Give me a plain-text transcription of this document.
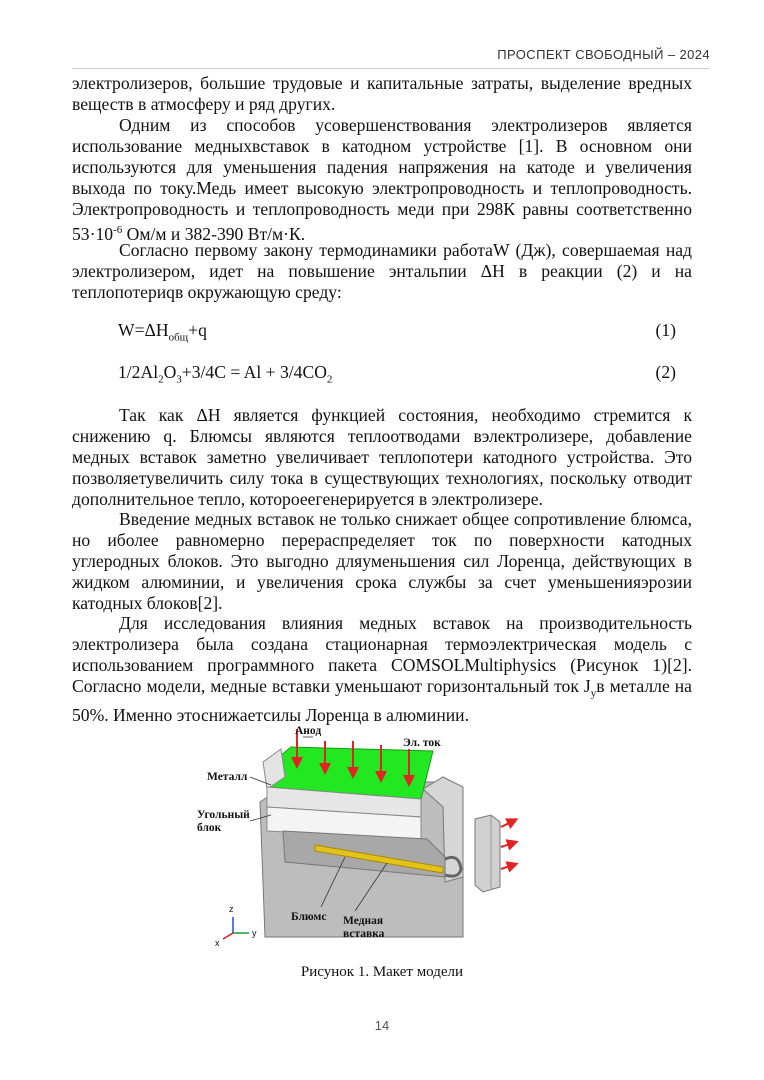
ПРОСПЕКТ СВОБОДНЫЙ – 2024

электролизеров, большие трудовые и капитальные затраты, выделение вредных веществ в атмосферу и ряд других.

Одним из способов усовершенствования электролизеров является использование медныхвставок в катодном устройстве [1]. В основном они используются для уменьшения падения напряжения на катоде и увеличения выхода по току.Медь имеет высокую электропроводность и теплопроводность. Электропроводность и теплопроводность меди при 298К равны соответственно $53\cdot 10^{-6}$ Ом/м и 382-390 Вт/м·К.

Согласно первому закону термодинамики работаW (Дж), совершаемая над электролизером, идет на повышение энтальпии ΔH в реакции (2) и на теплопотериqв окружающую среду:

$W=\Delta H_{общ}+q$	(1)
$1/2Al_2O_3+3/4C = Al + 3/4CO_2$	(2)

Так как ΔH является функцией состояния, необходимо стремится к снижению q. Блюмсы являются теплоотводами вэлектролизере, добавление медных вставок заметно увеличивает теплопотери катодного устройства. Это позволяетувеличить силу тока в существующих технологиях, поскольку отводит дополнительное тепло, котороеегенерируется в электролизере.

Введение медных вставок не только снижает общее сопротивление блюмса, но иболее равномерно перераспределяет ток по поверхности катодных углеродных блоков. Это выгодно дляуменьшения сил Лоренца, действующих в жидком алюминии, и увеличения срока службы за счет уменьшенияэрозии катодных блоков[2].

Для исследования влияния медных вставок на производительность электролизера была создана стационарная термоэлектрическая модель с использованием программного пакета COMSOLMultiphysics (Рисунок 1)[2]. Согласно модели, медные вставки уменьшают горизонтальный ток $J_yв$ металле на 50%. Именно этоснижаетсилы Лоренца в алюминии.

Анод
Эл. ток
Металл
Угольный блок
Блюмс Медная вставка
z
y
x
Рисунок 1. Макет модели
14
